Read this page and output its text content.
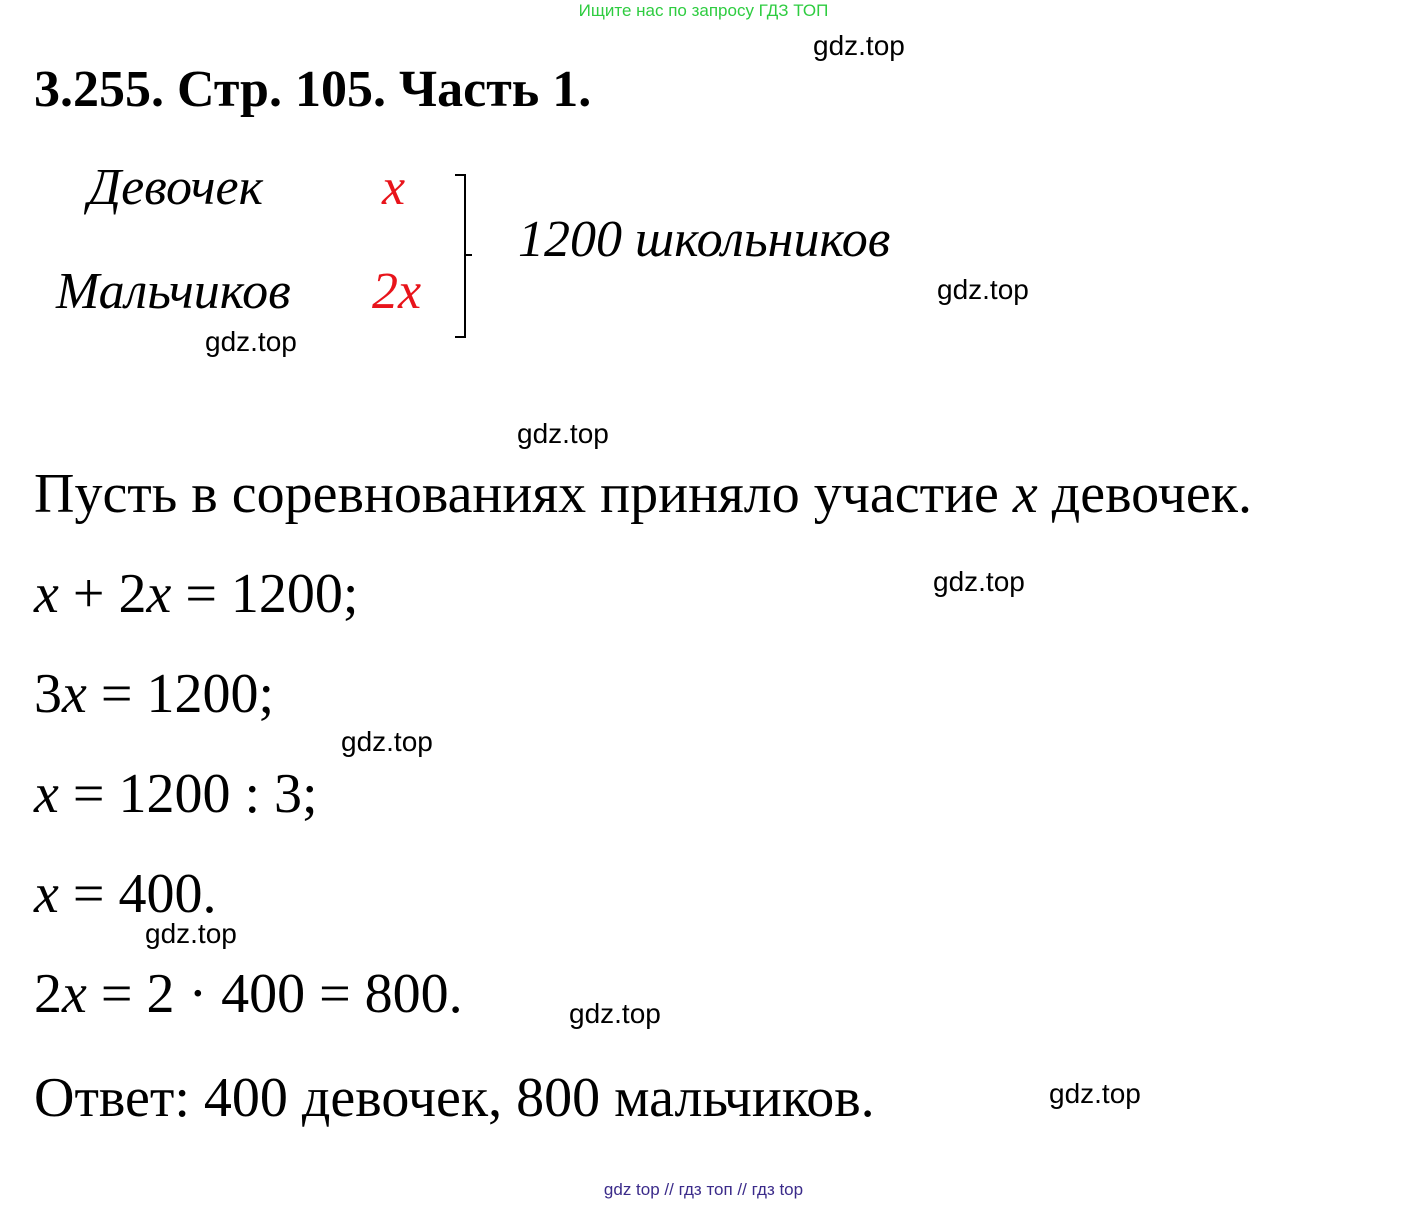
Ищите нас по запросу ГДЗ ТОП
3.255. Стр. 105. Часть 1.
Девочек x
Мальчиков 2x
1200 школьников
Пусть в соревнованиях приняло участие x девочек.
x + 2x = 1200;
3x = 1200;
x = 1200 : 3;
x = 400.
2x = 2 · 400 = 800.
Ответ: 400 девочек, 800 мальчиков.
gdz.top
gdz.top
gdz.top
gdz.top
gdz.top
gdz.top
gdz.top
gdz.top
gdz.top
gdz top // гдз топ // гдз top
